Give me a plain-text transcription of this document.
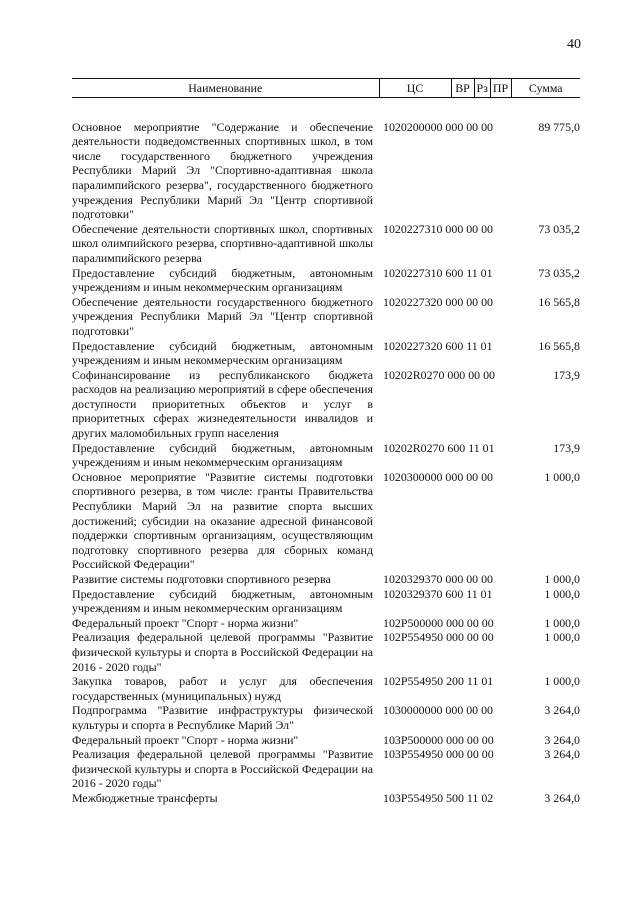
40
Наименование	ЦС	ВР	Рз	ПР	Сумма
Основное мероприятие "Содержание и обеспечение деятельности подведомственных спортивных школ, в том числе государственного бюджетного учреждения Республики Марий Эл "Спортивно-адаптивная школа паралимпийского резерва", государственного бюджетного учреждения Республики Марий Эл "Центр спортивной подготовки"	1020200000 000 00 00				89 775,0
Обеспечение деятельности спортивных школ, спортивных школ олимпийского резерва, спортивно-адаптивной школы паралимпийского резерва	1020227310 000 00 00				73 035,2
Предоставление субсидий бюджетным, автономным учреждениям и иным некоммерческим организациям	1020227310 600 11 01				73 035,2
Обеспечение деятельности государственного бюджетного учреждения Республики Марий Эл "Центр спортивной подготовки"	1020227320 000 00 00				16 565,8
Предоставление субсидий бюджетным, автономным учреждениям и иным некоммерческим организациям	1020227320 600 11 01				16 565,8
Софинансирование из республиканского бюджета расходов на реализацию мероприятий в сфере обеспечения доступности приоритетных объектов и услуг в приоритетных сферах жизнедеятельности инвалидов и других маломобильных групп населения	10202R0270 000 00 00				173,9
Предоставление субсидий бюджетным, автономным учреждениям и иным некоммерческим организациям	10202R0270 600 11 01				173,9
Основное мероприятие "Развитие системы подготовки спортивного резерва, в том числе: гранты Правительства Республики Марий Эл на развитие спорта высших достижений; субсидии на оказание адресной финансовой поддержки спортивным организациям, осуществляющим подготовку спортивного резерва для сборных команд Российской Федерации"	1020300000 000 00 00				1 000,0
Развитие системы подготовки спортивного резерва	1020329370 000 00 00				1 000,0
Предоставление субсидий бюджетным, автономным учреждениям и иным некоммерческим организациям	1020329370 600 11 01				1 000,0
Федеральный проект "Спорт - норма жизни"	102P500000 000 00 00				1 000,0
Реализация федеральной целевой программы "Развитие физической культуры и спорта в Российской Федерации на 2016 - 2020 годы"	102P554950 000 00 00				1 000,0
Закупка товаров, работ и услуг для обеспечения государственных (муниципальных) нужд	102P554950 200 11 01				1 000,0
Подпрограмма "Развитие инфраструктуры физической культуры и спорта в Республике Марий Эл"	1030000000 000 00 00				3 264,0
Федеральный проект "Спорт - норма жизни"	103P500000 000 00 00				3 264,0
Реализация федеральной целевой программы "Развитие физической культуры и спорта в Российской Федерации на 2016 - 2020 годы"	103P554950 000 00 00				3 264,0
Межбюджетные трансферты	103P554950 500 11 02				3 264,0
